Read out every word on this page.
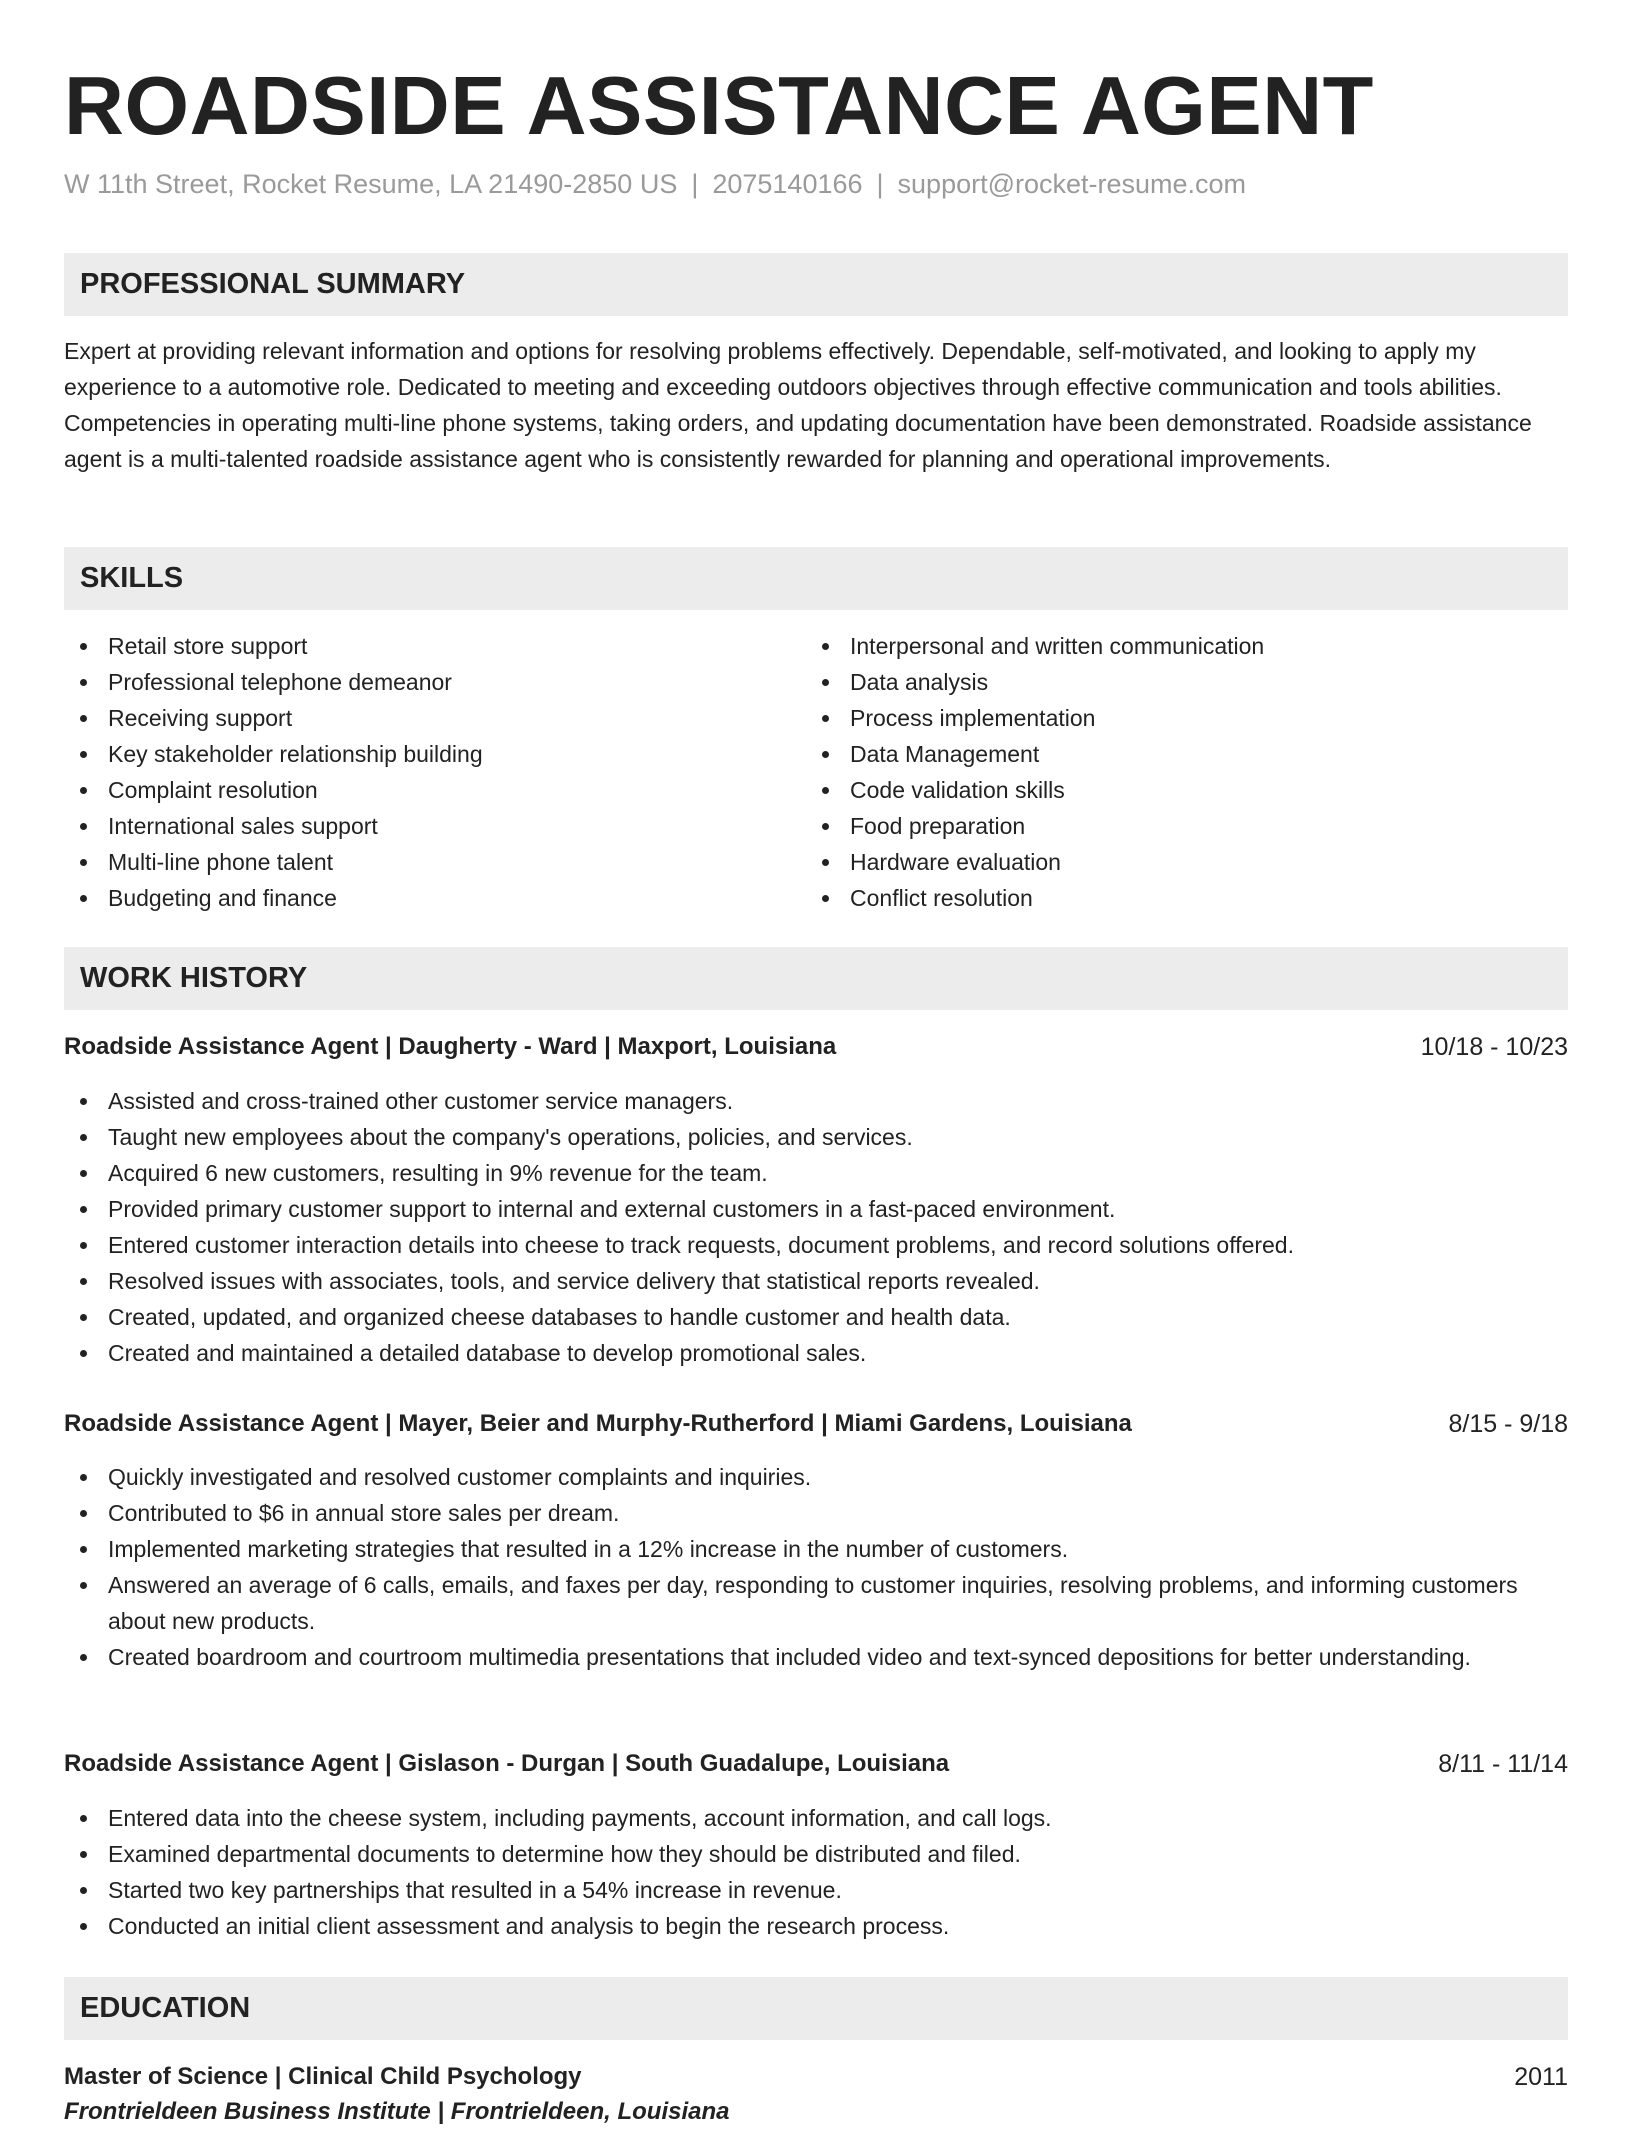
ROADSIDE ASSISTANCE AGENT
W 11th Street, Rocket Resume, LA 21490-2850 US | 2075140166 | support@rocket-resume.com
PROFESSIONAL SUMMARY
Expert at providing relevant information and options for resolving problems effectively. Dependable, self-motivated, and looking to apply my experience to a automotive role. Dedicated to meeting and exceeding outdoors objectives through effective communication and tools abilities. Competencies in operating multi-line phone systems, taking orders, and updating documentation have been demonstrated. Roadside assistance agent is a multi-talented roadside assistance agent who is consistently rewarded for planning and operational improvements.
SKILLS
Retail store support
Professional telephone demeanor
Receiving support
Key stakeholder relationship building
Complaint resolution
International sales support
Multi-line phone talent
Budgeting and finance
Interpersonal and written communication
Data analysis
Process implementation
Data Management
Code validation skills
Food preparation
Hardware evaluation
Conflict resolution
WORK HISTORY
Roadside Assistance Agent | Daugherty - Ward | Maxport, Louisiana	10/18 - 10/23
Assisted and cross-trained other customer service managers.
Taught new employees about the company's operations, policies, and services.
Acquired 6 new customers, resulting in 9% revenue for the team.
Provided primary customer support to internal and external customers in a fast-paced environment.
Entered customer interaction details into cheese to track requests, document problems, and record solutions offered.
Resolved issues with associates, tools, and service delivery that statistical reports revealed.
Created, updated, and organized cheese databases to handle customer and health data.
Created and maintained a detailed database to develop promotional sales.
Roadside Assistance Agent | Mayer, Beier and Murphy-Rutherford | Miami Gardens, Louisiana	8/15 - 9/18
Quickly investigated and resolved customer complaints and inquiries.
Contributed to $6 in annual store sales per dream.
Implemented marketing strategies that resulted in a 12% increase in the number of customers.
Answered an average of 6 calls, emails, and faxes per day, responding to customer inquiries, resolving problems, and informing customers about new products.
Created boardroom and courtroom multimedia presentations that included video and text-synced depositions for better understanding.
Roadside Assistance Agent | Gislason - Durgan | South Guadalupe, Louisiana	8/11 - 11/14
Entered data into the cheese system, including payments, account information, and call logs.
Examined departmental documents to determine how they should be distributed and filed.
Started two key partnerships that resulted in a 54% increase in revenue.
Conducted an initial client assessment and analysis to begin the research process.
EDUCATION
Master of Science | Clinical Child Psychology	2011
Frontrieldeen Business Institute | Frontrieldeen, Louisiana
